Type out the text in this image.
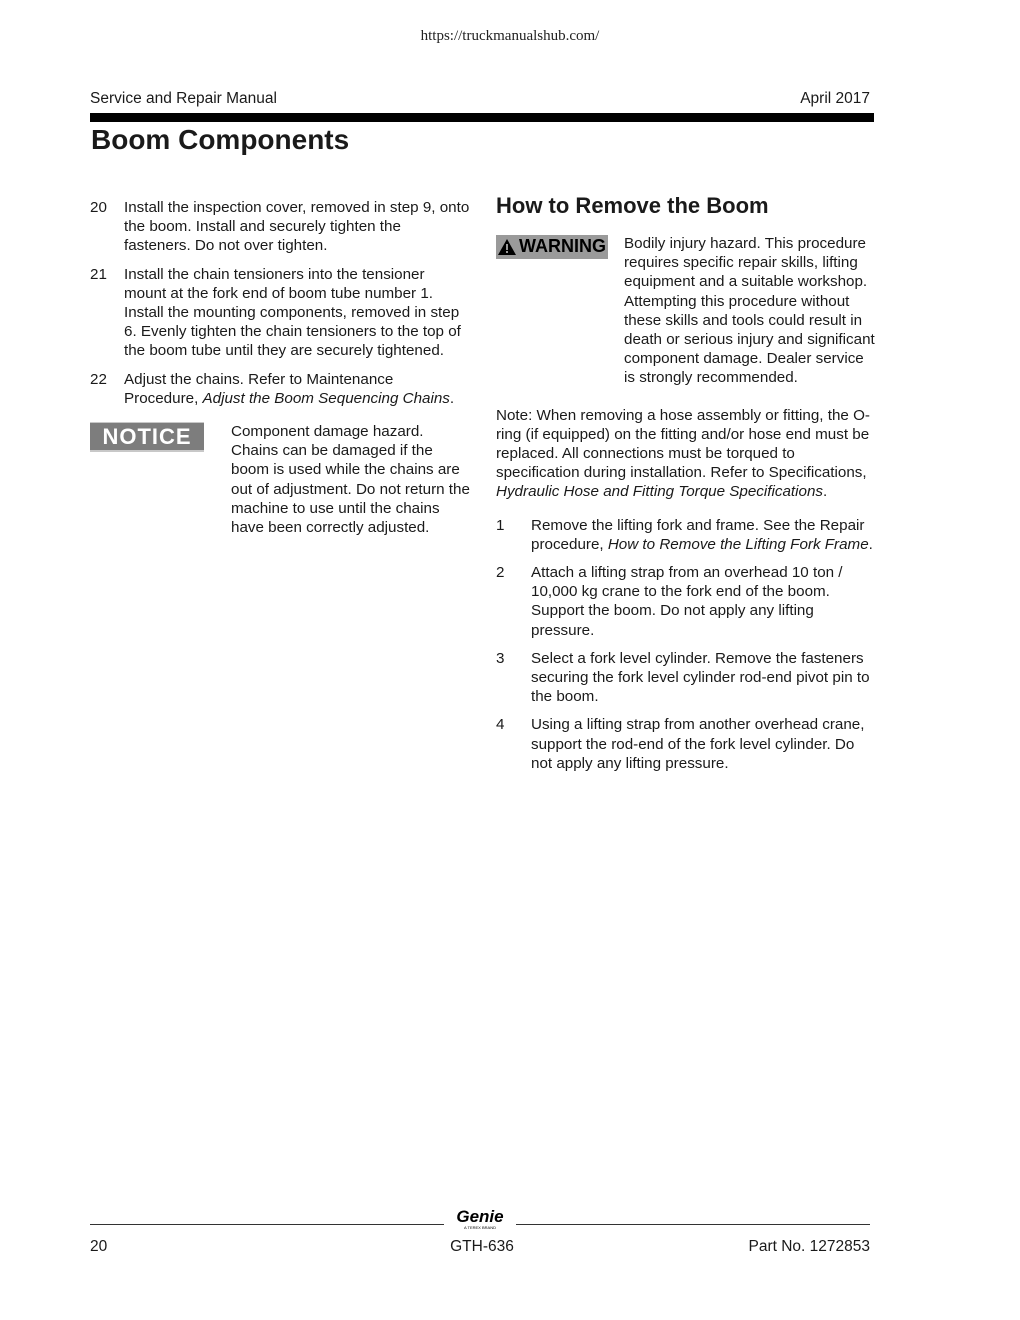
https://truckmanualshub.com/
Service and Repair Manual	April 2017
Boom Components
20	Install the inspection cover, removed in step 9, onto the boom. Install and securely tighten the fasteners. Do not over tighten.
21	Install the chain tensioners into the tensioner mount at the fork end of boom tube number 1. Install the mounting components, removed in step 6. Evenly tighten the chain tensioners to the top of the boom tube until they are securely tightened.
22	Adjust the chains. Refer to Maintenance Procedure, Adjust the Boom Sequencing Chains.
NOTICE	Component damage hazard. Chains can be damaged if the boom is used while the chains are out of adjustment. Do not return the machine to use until the chains have been correctly adjusted.
How to Remove the Boom
WARNING Bodily injury hazard. This procedure requires specific repair skills, lifting equipment and a suitable workshop. Attempting this procedure without these skills and tools could result in death or serious injury and significant component damage. Dealer service is strongly recommended.
Note: When removing a hose assembly or fitting, the O-ring (if equipped) on the fitting and/or hose end must be replaced. All connections must be torqued to specification during installation. Refer to Specifications, Hydraulic Hose and Fitting Torque Specifications.
1	Remove the lifting fork and frame. See the Repair procedure, How to Remove the Lifting Fork Frame.
2	Attach a lifting strap from an overhead 10 ton / 10,000 kg crane to the fork end of the boom. Support the boom. Do not apply any lifting pressure.
3	Select a fork level cylinder. Remove the fasteners securing the fork level cylinder rod-end pivot pin to the boom.
4	Using a lifting strap from another overhead crane, support the rod-end of the fork level cylinder. Do not apply any lifting pressure.
Genie
A TEREX BRAND
20	GTH-636	Part No. 1272853
